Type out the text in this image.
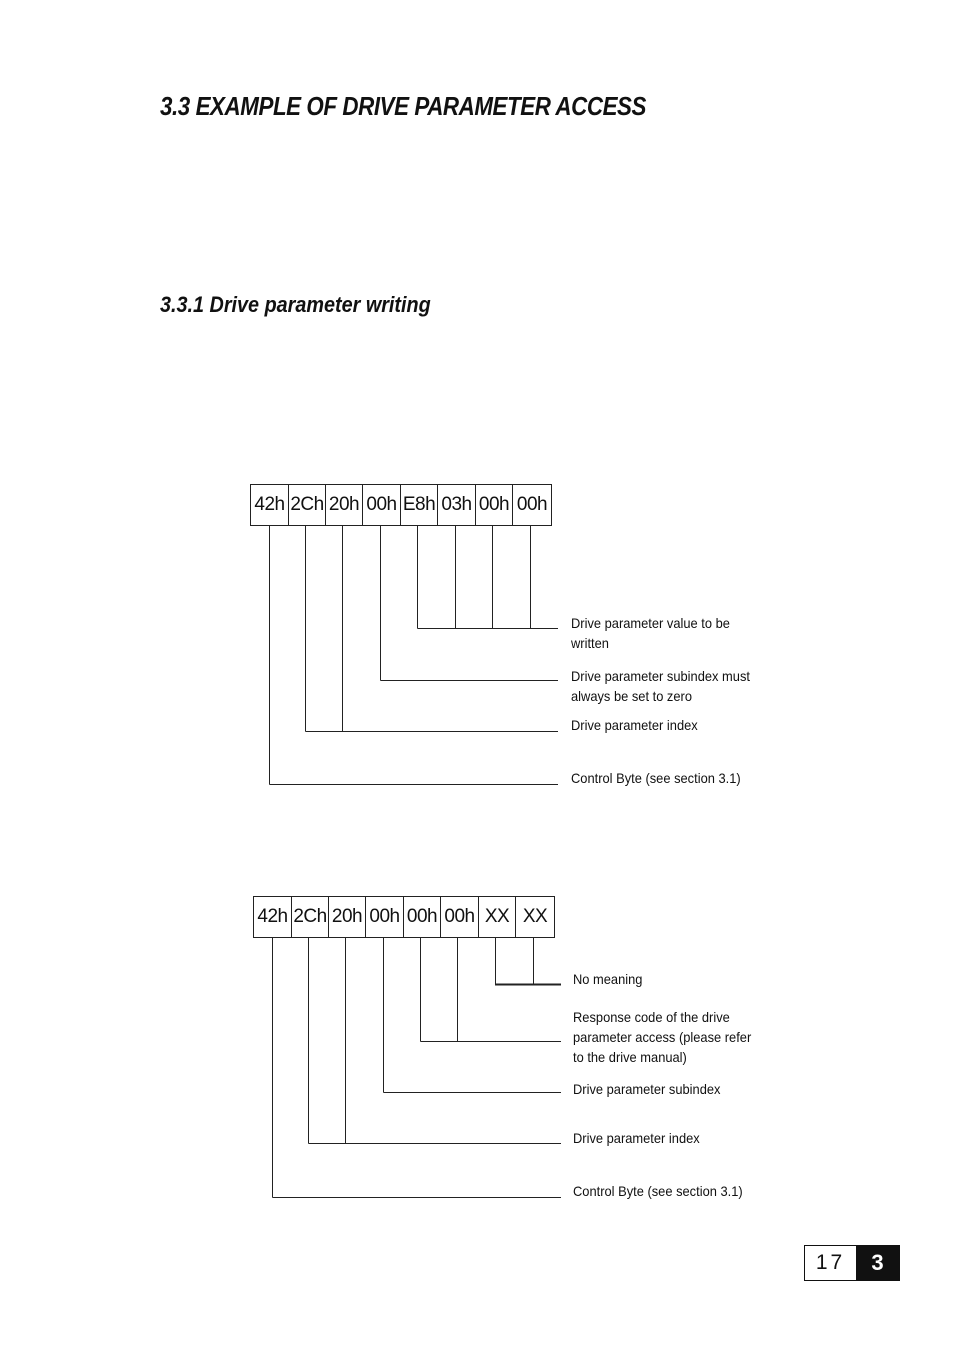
3.3 EXAMPLE OF DRIVE PARAMETER ACCESS
3.3.1 Drive parameter writing
42h 2Ch 20h 00h E8h 03h 00h 00h
Drive parameter value to be
written
Drive parameter subindex must
always be set to zero
Drive parameter index
Control Byte (see section 3.1)
42h 2Ch 20h 00h 00h 00h XX XX
No meaning
Response code of the drive
parameter access (please refer
to the drive manual)
Drive parameter subindex
Drive parameter index
Control Byte (see section 3.1)
17	3
